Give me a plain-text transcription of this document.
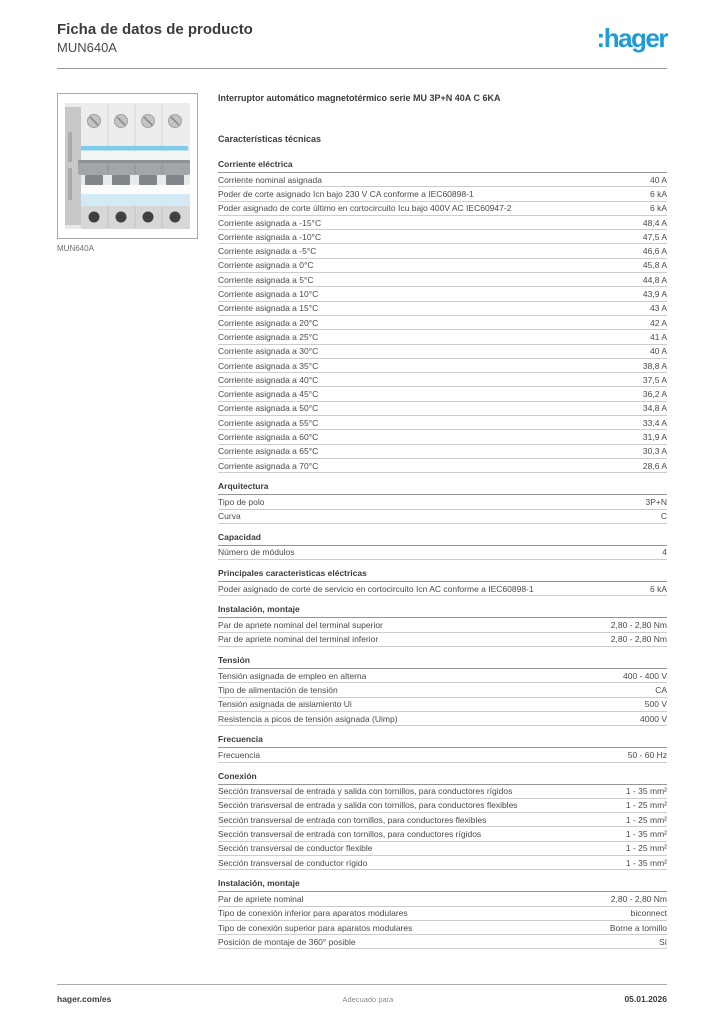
Ficha de datos de producto
MUN640A	:hager
MUN640A
Interruptor automático magnetotérmico serie MU 3P+N 40A C 6KA
Características técnicas
Corriente eléctrica
Corriente nominal asignada	40 A
Poder de corte asignado Icn bajo 230 V CA conforme a IEC60898-1	6 kA
Poder asignado de corte último en cortocircuito Icu bajo 400V AC IEC60947-2	6 kA
Corriente asignada a -15°C	48,4 A
Corriente asignada a -10°C	47,5 A
Corriente asignada a -5°C	46,6 A
Corriente asignada a 0°C	45,8 A
Corriente asignada a 5°C	44,8 A
Corriente asignada a 10°C	43,9 A
Corriente asignada a 15°C	43 A
Corriente asignada a 20°C	42 A
Corriente asignada a 25°C	41 A
Corriente asignada a 30°C	40 A
Corriente asignada a 35°C	38,8 A
Corriente asignada a 40°C	37,5 A
Corriente asignada a 45°C	36,2 A
Corriente asignada a 50°C	34,8 A
Corriente asignada a 55°C	33,4 A
Corriente asignada a 60°C	31,9 A
Corriente asignada a 65°C	30,3 A
Corriente asignada a 70°C	28,6 A
Arquitectura
Tipo de polo	3P+N
Curva	C
Capacidad
Número de módulos	4
Principales características eléctricas
Poder asignado de corte de servicio en cortocircuito Icn AC conforme a IEC60898-1	6 kA
Instalación, montaje
Par de apriete nominal del terminal superior	2,80 - 2,80 Nm
Par de apriete nominal del terminal inferior	2,80 - 2,80 Nm
Tensión
Tensión asignada de empleo en alterna	400 - 400 V
Tipo de alimentación de tensión	CA
Tensión asignada de aislamiento Ui	500 V
Resistencia a picos de tensión asignada (Uimp)	4000 V
Frecuencia
Frecuencia	50 - 60 Hz
Conexión
Sección transversal de entrada y salida con tornillos, para conductores rígidos	1 - 35 mm²
Sección transversal de entrada y salida con tornillos, para conductores flexibles	1 - 25 mm²
Sección transversal de entrada con tornillos, para conductores flexibles	1 - 25 mm²
Sección transversal de entrada con tornillos, para conductores rígidos	1 - 35 mm²
Sección transversal de conductor flexible	1 - 25 mm²
Sección transversal de conductor rígido	1 - 35 mm²
Instalación, montaje
Par de apriete nominal	2,80 - 2,80 Nm
Tipo de conexión inferior para aparatos modulares	biconnect
Tipo de conexión superior para aparatos modulares	Borne a tornillo
Posición de montaje de 360° posible	Sí
hager.com/es	Adecuado para	05.01.2026
